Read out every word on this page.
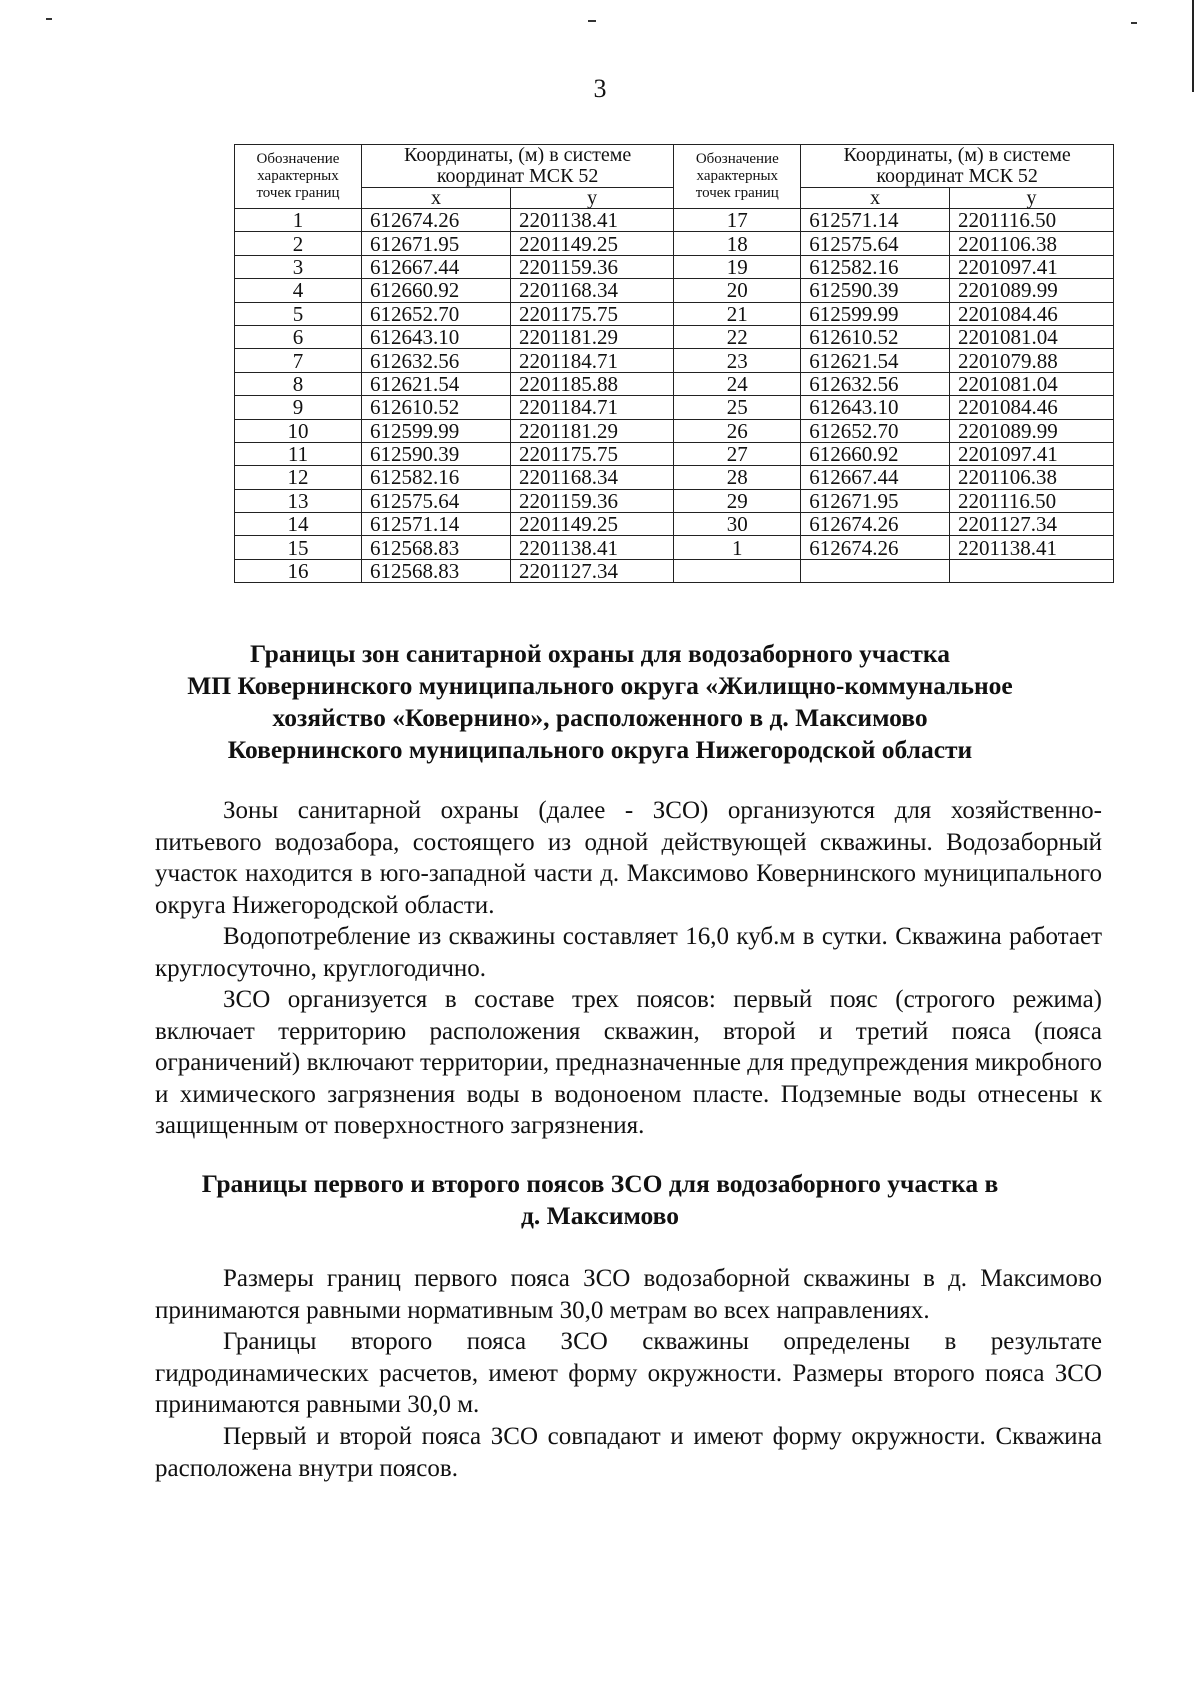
3
Обозначение характерных точек границ	Координаты, (м) в системе координат МСК 52		Обозначение характерных точек границ	Координаты, (м) в системе координат МСК 52	
	x	y		x	y
1	612674.26	2201138.41	17	612571.14	2201116.50
2	612671.95	2201149.25	18	612575.64	2201106.38
3	612667.44	2201159.36	19	612582.16	2201097.41
4	612660.92	2201168.34	20	612590.39	2201089.99
5	612652.70	2201175.75	21	612599.99	2201084.46
6	612643.10	2201181.29	22	612610.52	2201081.04
7	612632.56	2201184.71	23	612621.54	2201079.88
8	612621.54	2201185.88	24	612632.56	2201081.04
9	612610.52	2201184.71	25	612643.10	2201084.46
10	612599.99	2201181.29	26	612652.70	2201089.99
11	612590.39	2201175.75	27	612660.92	2201097.41
12	612582.16	2201168.34	28	612667.44	2201106.38
13	612575.64	2201159.36	29	612671.95	2201116.50
14	612571.14	2201149.25	30	612674.26	2201127.34
15	612568.83	2201138.41	1	612674.26	2201138.41
16	612568.83	2201127.34			
Границы зон санитарной охраны для водозаборного участка
МП Ковернинского муниципального округа «Жилищно-коммунальное
хозяйство «Ковернино», расположенного в д. Максимово
Ковернинского муниципального округа Нижегородской области

Зоны санитарной охраны (далее - ЗСО) организуются для хозяйственно-питьевого водозабора, состоящего из одной действующей скважины. Водозаборный участок находится в юго-западной части д. Максимово Ковернинского муниципального округа Нижегородской области.

Водопотребление из скважины составляет 16,0 куб.м в сутки. Скважина работает круглосуточно, круглогодично.

ЗСО организуется в составе трех поясов: первый пояс (строгого режима) включает территорию расположения скважин, второй и третий пояса (пояса ограничений) включают территории, предназначенные для предупреждения микробного и химического загрязнения воды в водоноеном пласте. Подземные воды отнесены к защищенным от поверхностного загрязнения.

Границы первого и второго поясов ЗСО для водозаборного участка в
д. Максимово

Размеры границ первого пояса ЗСО водозаборной скважины в д. Максимово принимаются равными нормативным 30,0 метрам во всех направлениях.

Границы второго пояса ЗСО скважины определены в результате гидродинамических расчетов, имеют форму окружности. Размеры второго пояса ЗСО принимаются равными 30,0 м.

Первый и второй пояса ЗСО совпадают и имеют форму окружности. Скважина расположена внутри поясов.
